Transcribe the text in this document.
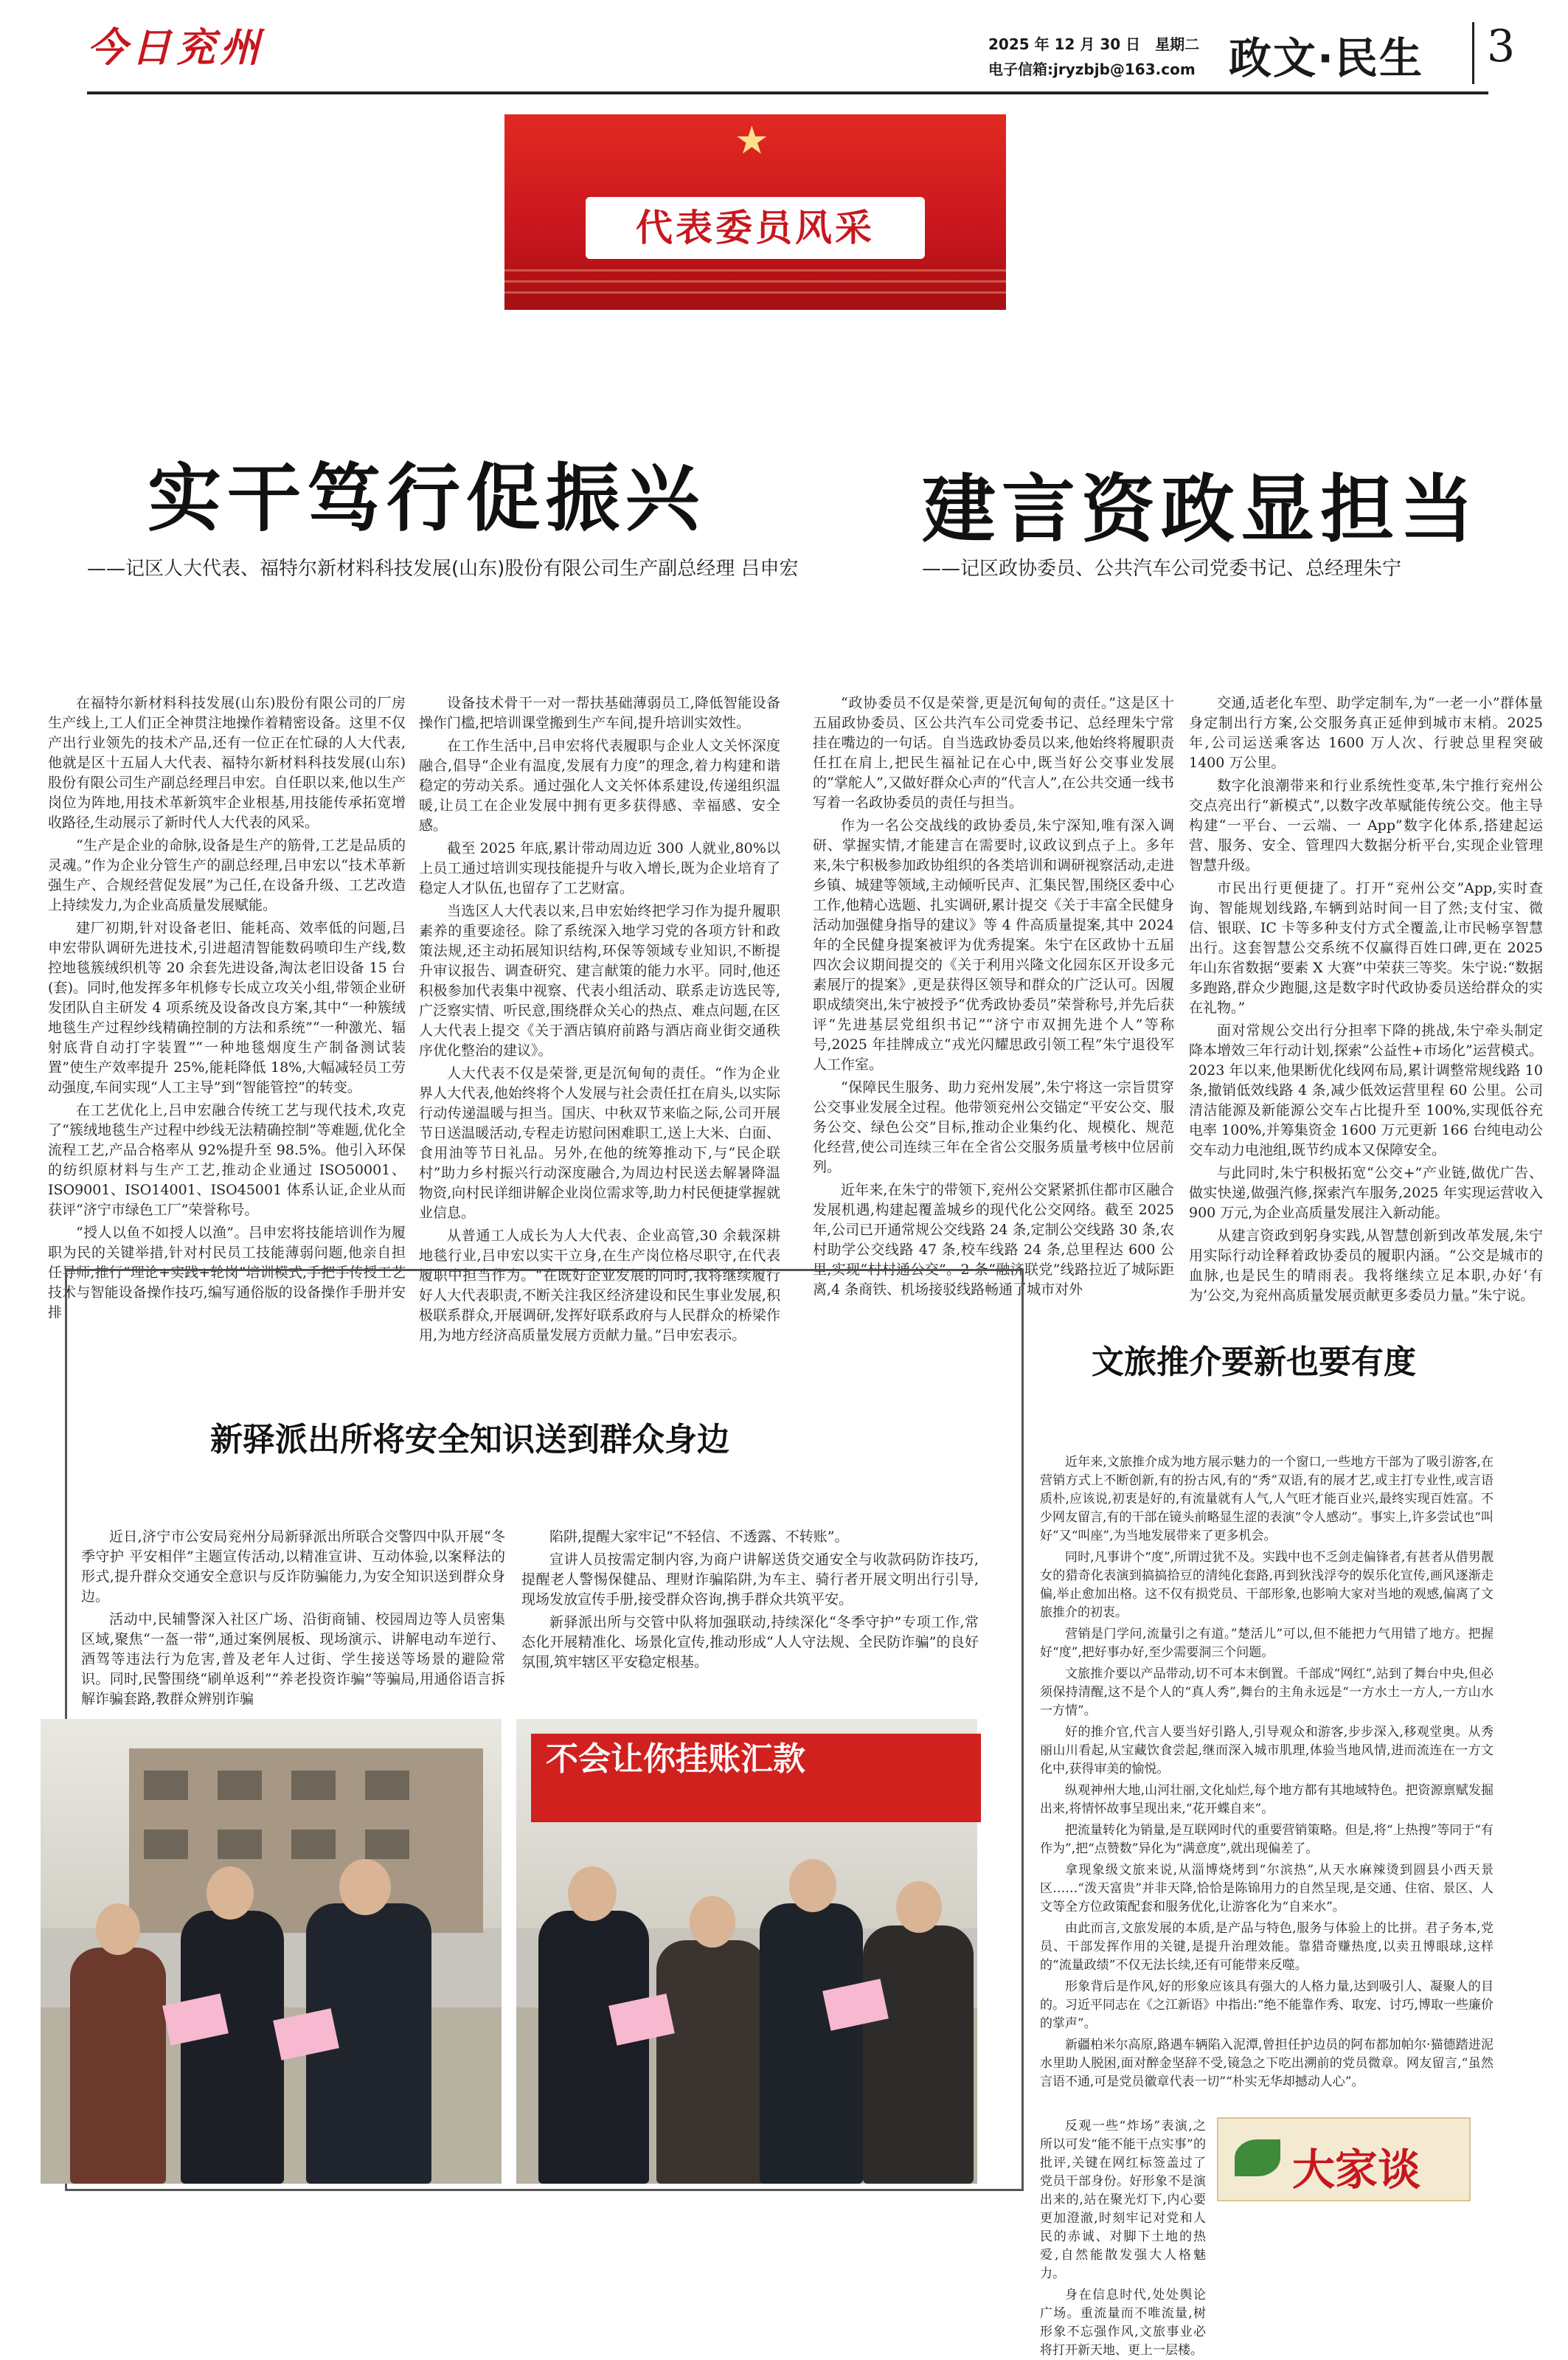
今日兖州	2025 年 12 月 30 日　星期二
电子信箱:jryzbjb@163.com 政文·民生 3
★
代表委员风采
实干笃行促振兴
——记区人大代表、福特尔新材料科技发展(山东)股份有限公司生产副总经理 吕申宏

在福特尔新材料科技发展(山东)股份有限公司的厂房生产线上,工人们正全神贯注地操作着精密设备。这里不仅产出行业领先的技术产品,还有一位正在忙碌的人大代表,他就是区十五届人大代表、福特尔新材料科技发展(山东)股份有限公司生产副总经理吕申宏。自任职以来,他以生产岗位为阵地,用技术革新筑牢企业根基,用技能传承拓宽增收路径,生动展示了新时代人大代表的风采。

“生产是企业的命脉,设备是生产的筋骨,工艺是品质的灵魂。”作为企业分管生产的副总经理,吕申宏以“技术革新强生产、合规经营促发展”为己任,在设备升级、工艺改造上持续发力,为企业高质量发展赋能。

建厂初期,针对设备老旧、能耗高、效率低的问题,吕申宏带队调研先进技术,引进超清智能数码喷印生产线,数控地毯簇绒织机等 20 余套先进设备,淘汰老旧设备 15 台(套)。同时,他发挥多年机修专长成立攻关小组,带领企业研发团队自主研发 4 项系统及设备改良方案,其中“一种簇绒地毯生产过程纱线精确控制的方法和系统”“一种激光、辐射底背自动打字装置”“一种地毯烟度生产制备测试装置”使生产效率提升 25%,能耗降低 18%,大幅减轻员工劳动强度,车间实现“人工主导”到“智能管控”的转变。

在工艺优化上,吕申宏融合传统工艺与现代技术,攻克了“簇绒地毯生产过程中纱线无法精确控制”等难题,优化全流程工艺,产品合格率从 92%提升至 98.5%。他引入环保的纺织原材料与生产工艺,推动企业通过 ISO50001、ISO9001、ISO14001、ISO45001 体系认证,企业从而获评“济宁市绿色工厂”荣誉称号。

“授人以鱼不如授人以渔”。吕申宏将技能培训作为履职为民的关键举措,针对村民员工技能薄弱问题,他亲自担任导师,推行“理论+实践+轮岗”培训模式,手把手传授工艺技术与智能设备操作技巧,编写通俗版的设备操作手册并安排

设备技术骨干一对一帮扶基础薄弱员工,降低智能设备操作门槛,把培训课堂搬到生产车间,提升培训实效性。

在工作生活中,吕申宏将代表履职与企业人文关怀深度融合,倡导“企业有温度,发展有力度”的理念,着力构建和谐稳定的劳动关系。通过强化人文关怀体系建设,传递组织温暖,让员工在企业发展中拥有更多获得感、幸福感、安全感。

截至 2025 年底,累计带动周边近 300 人就业,80%以上员工通过培训实现技能提升与收入增长,既为企业培育了稳定人才队伍,也留存了工艺财富。

当选区人大代表以来,吕申宏始终把学习作为提升履职素养的重要途径。除了系统深入地学习党的各项方针和政策法规,还主动拓展知识结构,环保等领域专业知识,不断提升审议报告、调查研究、建言献策的能力水平。同时,他还积极参加代表集中视察、代表小组活动、联系走访选民等,广泛察实情、听民意,围绕群众关心的热点、难点问题,在区人大代表上提交《关于酒店镇府前路与酒店商业街交通秩序优化整治的建议》。

人大代表不仅是荣誉,更是沉甸甸的责任。“作为企业界人大代表,他始终将个人发展与社会责任扛在肩头,以实际行动传递温暖与担当。国庆、中秋双节来临之际,公司开展节日送温暖活动,专程走访慰问困难职工,送上大米、白面、食用油等节日礼品。另外,在他的统筹推动下,与“民企联村”助力乡村振兴行动深度融合,为周边村民送去解暑降温物资,向村民详细讲解企业岗位需求等,助力村民便捷掌握就业信息。

从普通工人成长为人大代表、企业高管,30 余载深耕地毯行业,吕申宏以实干立身,在生产岗位格尽职守,在代表履职中担当作为。“在既好企业发展的同时,我将继续履行好人大代表职责,不断关注我区经济建设和民生事业发展,积极联系群众,开展调研,发挥好联系政府与人民群众的桥梁作用,为地方经济高质量发展方贡献力量。”吕申宏表示。

建言资政显担当
——记区政协委员、公共汽车公司党委书记、总经理朱宁

“政协委员不仅是荣誉,更是沉甸甸的责任。”这是区十五届政协委员、区公共汽车公司党委书记、总经理朱宁常挂在嘴边的一句话。自当选政协委员以来,他始终将履职责任扛在肩上,把民生福祉记在心中,既当好公交事业发展的“掌舵人”,又做好群众心声的“代言人”,在公共交通一线书写着一名政协委员的责任与担当。

作为一名公交战线的政协委员,朱宁深知,唯有深入调研、掌握实情,才能建言在需要时,议政议到点子上。多年来,朱宁积极参加政协组织的各类培训和调研视察活动,走进乡镇、城建等领域,主动倾听民声、汇集民智,围绕区委中心工作,他精心选题、扎实调研,累计提交《关于丰富全民健身活动加强健身指导的建议》等 4 件高质量提案,其中 2024 年的全民健身提案被评为优秀提案。朱宁在区政协十五届四次会议期间提交的《关于利用兴隆文化园东区开设多元素展厅的提案》,更是获得区领导和群众的广泛认可。因履职成绩突出,朱宁被授予“优秀政协委员”荣誉称号,并先后获评“先进基层党组织书记”“济宁市双拥先进个人”等称号,2025 年挂牌成立“戎光闪耀思政引领工程”朱宁退役军人工作室。

“保障民生服务、助力兖州发展”,朱宁将这一宗旨贯穿公交事业发展全过程。他带领兖州公交锚定“平安公交、服务公交、绿色公交”目标,推动企业集约化、规模化、规范化经营,使公司连续三年在全省公交服务质量考核中位居前列。

近年来,在朱宁的带领下,兖州公交紧紧抓住都市区融合发展机遇,构建起覆盖城乡的现代化公交网络。截至 2025 年,公司已开通常规公交线路 24 条,定制公交线路 30 条,农村助学公交线路 47 条,校车线路 24 条,总里程达 600 公里,实现“村村通公交”。2 条“融济联党”线路拉近了城际距离,4 条商铁、机场接驳线路畅通了城市对外

交通,适老化车型、助学定制车,为“一老一小”群体量身定制出行方案,公交服务真正延伸到城市末梢。2025 年,公司运送乘客达 1600 万人次、行驶总里程突破 1400 万公里。

数字化浪潮带来和行业系统性变革,朱宁推行兖州公交点亮出行“新模式”,以数字改革赋能传统公交。他主导构建“一平台、一云端、一 App”数字化体系,搭建起运营、服务、安全、管理四大数据分析平台,实现企业管理智慧升级。

市民出行更便捷了。打开“兖州公交”App,实时查询、智能规划线路,车辆到站时间一目了然;支付宝、微信、银联、IC 卡等多种支付方式全覆盖,让市民畅享智慧出行。这套智慧公交系统不仅赢得百姓口碑,更在 2025 年山东省数据“要素 X 大赛”中荣获三等奖。朱宁说:“数据多跑路,群众少跑腿,这是数字时代政协委员送给群众的实在礼物。”

面对常规公交出行分担率下降的挑战,朱宁牵头制定降本增效三年行动计划,探索“公益性+市场化”运营模式。2023 年以来,他果断优化线网布局,累计调整常规线路 10 条,撤销低效线路 4 条,减少低效运营里程 60 公里。公司清洁能源及新能源公交车占比提升至 100%,实现低谷充电率 100%,并筹集资金 1600 万元更新 166 台纯电动公交车动力电池组,既节约成本又保障安全。

与此同时,朱宁积极拓宽“公交+”产业链,做优广告、做实快递,做强汽修,探索汽车服务,2025 年实现运营收入 900 万元,为企业高质量发展注入新动能。

从建言资政到躬身实践,从智慧创新到改革发展,朱宁用实际行动诠释着政协委员的履职内涵。“公交是城市的血脉,也是民生的晴雨表。我将继续立足本职,办好‘有为’公交,为兖州高质量发展贡献更多委员力量。”朱宁说。

新驿派出所将安全知识送到群众身边

近日,济宁市公安局兖州分局新驿派出所联合交警四中队开展“冬季守护 平安相伴”主题宣传活动,以精准宣讲、互动体验,以案释法的形式,提升群众交通安全意识与反诈防骗能力,为安全知识送到群众身边。

活动中,民辅警深入社区广场、沿街商铺、校园周边等人员密集区域,聚焦“一盔一带”,通过案例展板、现场演示、讲解电动车逆行、酒驾等违法行为危害,普及老年人过街、学生接送等场景的避险常识。同时,民警围绕“刷单返利”“养老投资诈骗”等骗局,用通俗语言拆解诈骗套路,教群众辨别诈骗

陷阱,提醒大家牢记“不轻信、不透露、不转账”。

宣讲人员按需定制内容,为商户讲解送货交通安全与收款码防诈技巧,提醒老人警惕保健品、理财诈骗陷阱,为车主、骑行者开展文明出行引导,现场发放宣传手册,接受群众咨询,携手群众共筑平安。

新驿派出所与交管中队将加强联动,持续深化“冬季守护”专项工作,常态化开展精准化、场景化宣传,推动形成“人人守法规、全民防诈骗”的良好氛围,筑牢辖区平安稳定根基。

不会让你挂账汇款
文旅推介要新也要有度

近年来,文旅推介成为地方展示魅力的一个窗口,一些地方干部为了吸引游客,在营销方式上不断创新,有的扮古风,有的“秀”双语,有的展才艺,或主打专业性,或言语质朴,应该说,初衷是好的,有流量就有人气,人气旺才能百业兴,最终实现百姓富。不少网友留言,有的干部在镜头前略显生涩的表演“令人感动”。事实上,许多尝试也“叫好”又“叫座”,为当地发展带来了更多机会。

同时,凡事讲个“度”,所谓过犹不及。实践中也不乏剑走偏锋者,有甚者从借男靓女的猎奇化表演到搞搞拾豆的清纯化套路,再到狄浅浮夸的娱乐化宣传,画风逐渐走偏,举止愈加出格。这不仅有损党员、干部形象,也影响大家对当地的观感,偏离了文旅推介的初衷。

营销是门学问,流量引之有道。”楚活儿”可以,但不能把力气用错了地方。把握好“度”,把好事办好,至少需要洞三个问题。

文旅推介要以产品带动,切不可本末倒置。千部成“网红”,站到了舞台中央,但必须保持清醒,这不是个人的“真人秀”,舞台的主角永远是“一方水土一方人,一方山水一方情”。

好的推介官,代言人要当好引路人,引导观众和游客,步步深入,移观堂奥。从秀丽山川看起,从宝藏饮食尝起,继而深入城市肌理,体验当地风情,进而流连在一方文化中,获得审美的愉悦。

纵观神州大地,山河壮丽,文化灿烂,每个地方都有其地域特色。把资源禀赋发掘出来,将情怀故事呈现出来,“花开蝶自来”。

把流量转化为销量,是互联网时代的重要营销策略。但是,将“上热搜”等同于“有作为”,把“点赞数”异化为“满意度”,就出现偏差了。

拿现象级文旅来说,从淄博烧烤到“尔滨热”,从天水麻辣烫到圆县小西天景区……“泼天富贵”并非天降,恰恰是陈锦用力的自然呈现,是交通、住宿、景区、人文等全方位政策配套和服务优化,让游客化为“自来水”。

由此而言,文旅发展的本质,是产品与特色,服务与体验上的比拼。君子务本,党员、干部发挥作用的关键,是提升治理效能。靠猎奇赚热度,以卖丑博眼球,这样的“流量政绩”不仅无法长续,还有可能带来反噬。

形象背后是作风,好的形象应该具有强大的人格力量,达到吸引人、凝聚人的目的。习近平同志在《之江新语》中指出:“绝不能靠作秀、取宠、讨巧,博取一些廉价的掌声”。

新疆柏米尔高原,路遇车辆陷入泥潭,曾担任护边员的阿布都加帕尔·猫德踏进泥水里助人脱困,面对醉金坚辞不受,镜急之下吃出溯前的党员微章。网友留言,“虽然言语不通,可是党员徽章代表一切”“朴实无华却撼动人心”。

反观一些“炸场”表演,之所以可发“能不能干点实事”的批评,关键在网红标签盖过了党员干部身份。好形象不是演出来的,站在聚光灯下,内心要更加澄澈,时刻牢记对党和人民的赤诚、对脚下土地的热爱,自然能散发强大人格魅力。

身在信息时代,处处舆论广场。重流量而不唯流量,树形象不忘强作风,文旅事业必将打开新天地、更上一层楼。

大家谈
